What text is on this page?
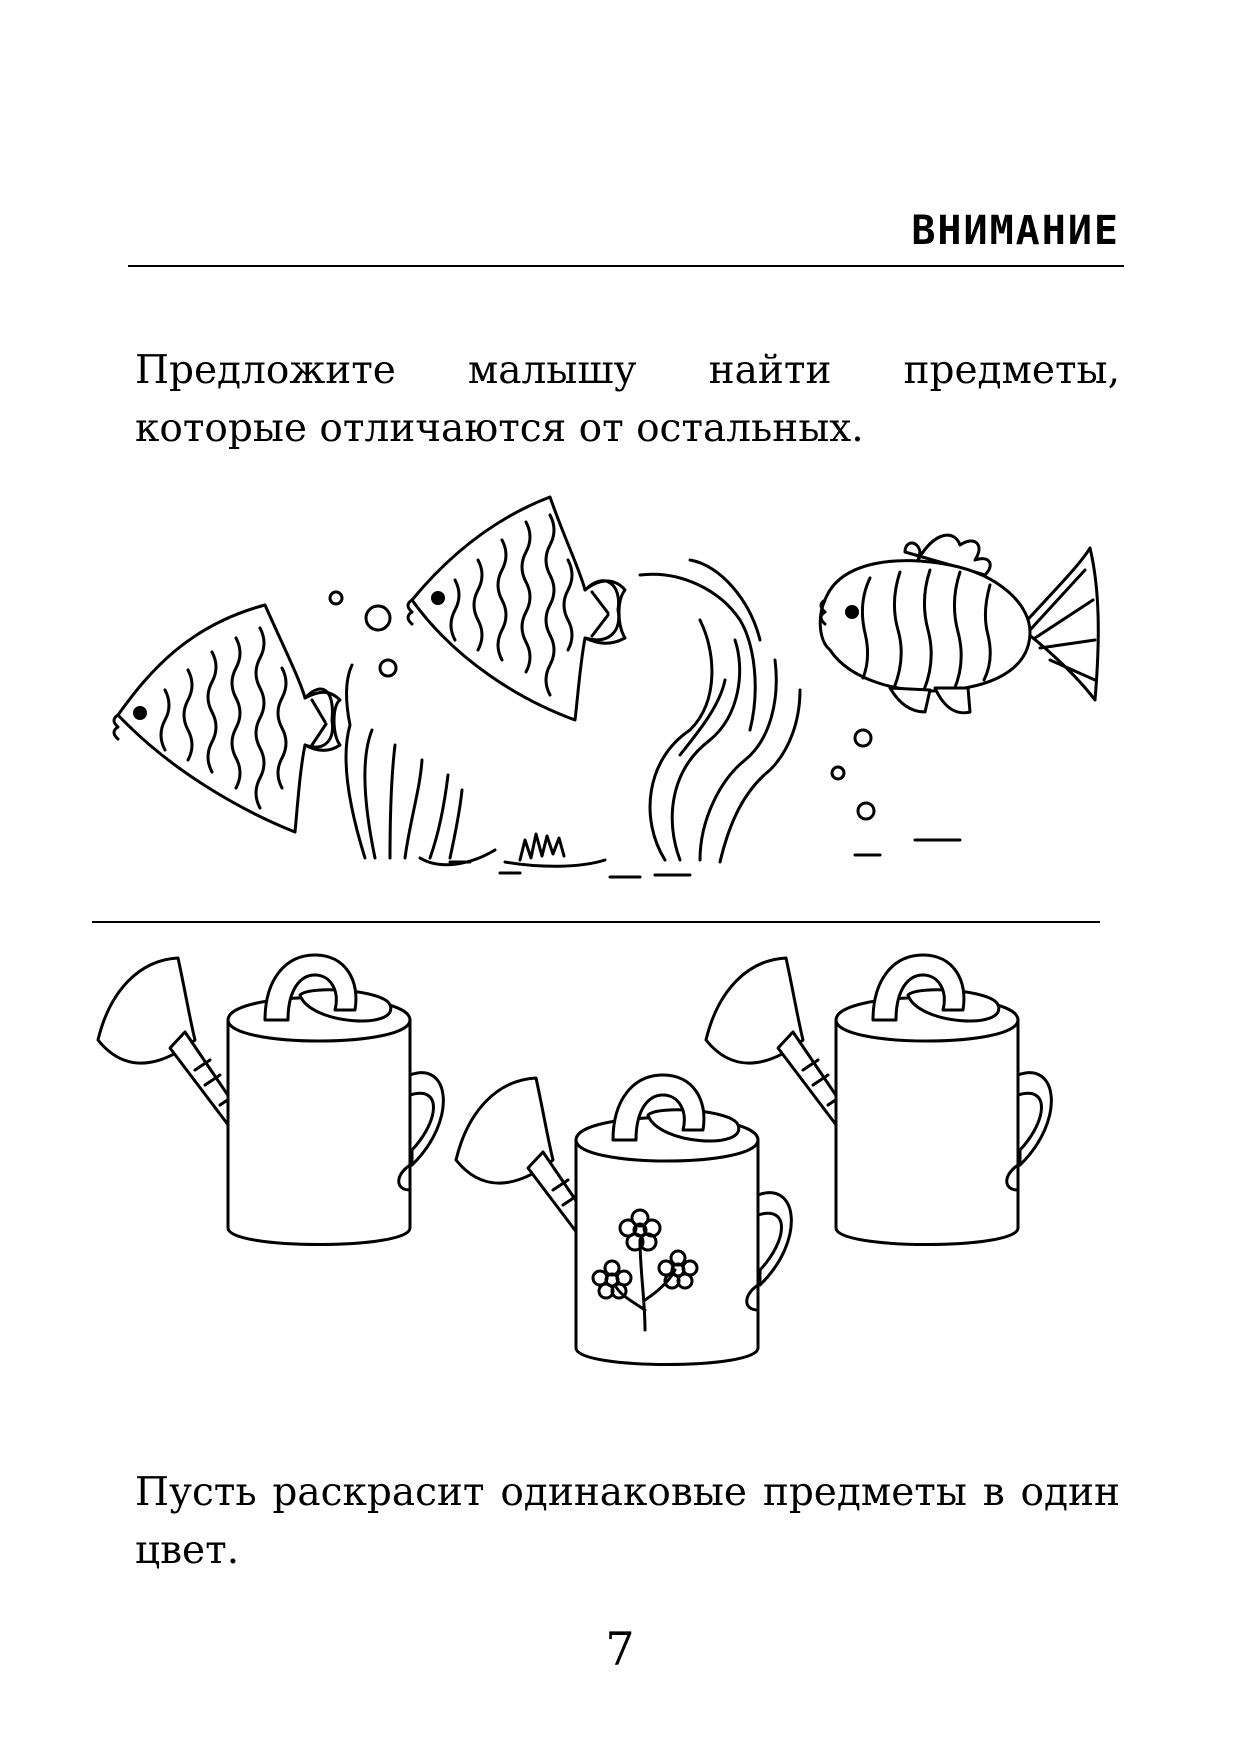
ВНИМАНИЕ
Предложите малышу найти предметы, которые отличаются от остальных.
Пусть раскрасит одинаковые предметы в один цвет.
7
